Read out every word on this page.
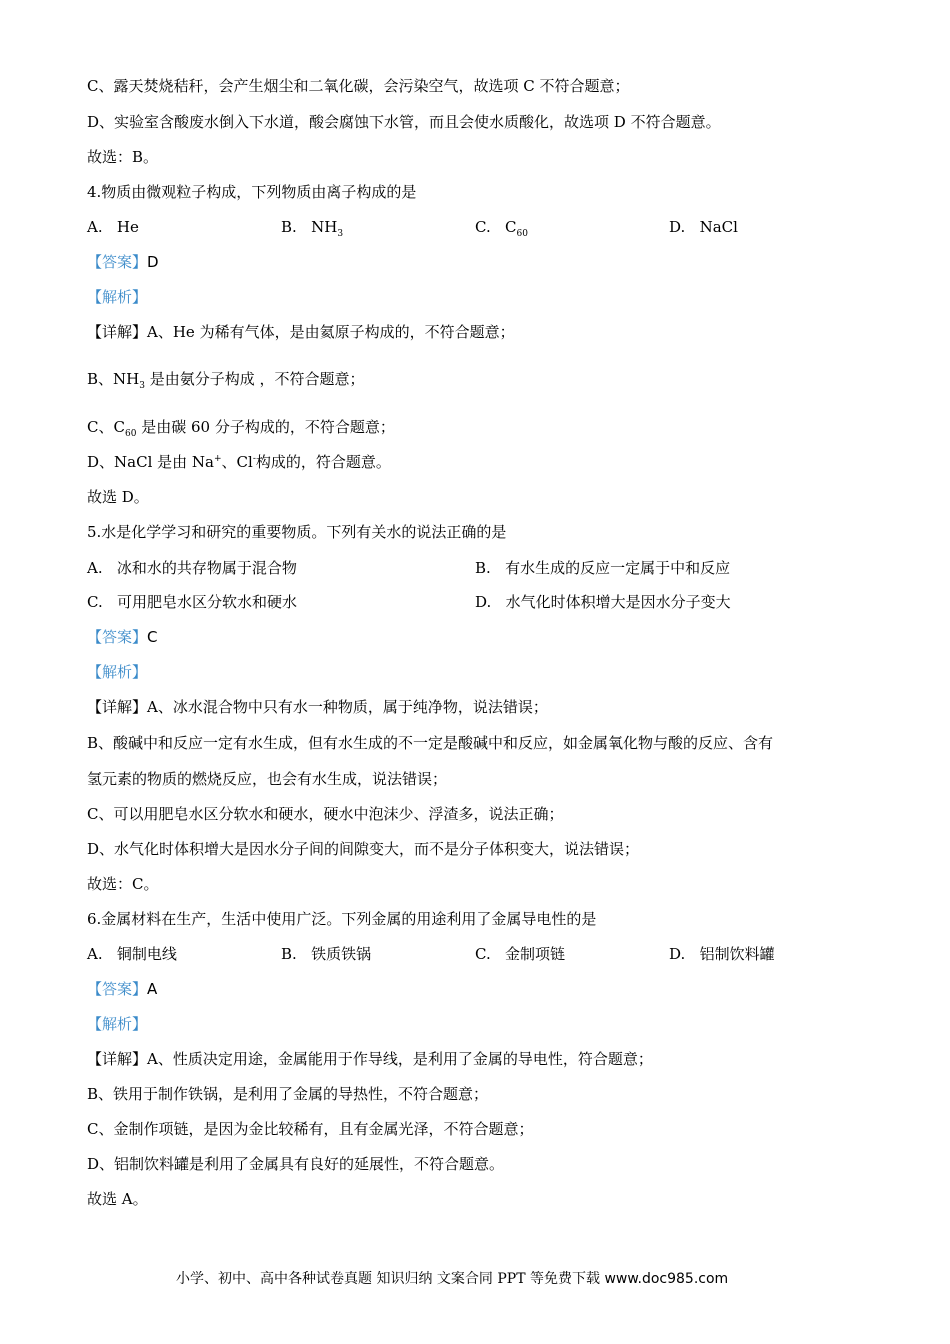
C、露天焚烧秸秆，会产生烟尘和二氧化碳，会污染空气，故选项 C 不符合题意；
D、实验室含酸废水倒入下水道，酸会腐蚀下水管，而且会使水质酸化，故选项 D 不符合题意。
故选：B。
4.物质由微观粒子构成，下列物质由离子构成的是
A. He	B. $NH_3$	C. $C_{60}$	D. NaCl
【答案】D
【解析】
【详解】A、He 为稀有气体，是由氦原子构成的，不符合题意；
B、$NH_3$ 是由氨分子构成 ，不符合题意；
C、$C_{60}$ 是由碳 60 分子构成的，不符合题意；
D、NaCl 是由 Na+、Cl-构成的，符合题意。
故选 D。
5.水是化学学习和研究的重要物质。下列有关水的说法正确的是
A. 冰和水的共存物属于混合物	B. 有水生成的反应一定属于中和反应
C. 可用肥皂水区分软水和硬水	D. 水气化时体积增大是因水分子变大
【答案】C
【解析】
【详解】A、冰水混合物中只有水一种物质，属于纯净物，说法错误；
B、酸碱中和反应一定有水生成，但有水生成的不一定是酸碱中和反应，如金属氧化物与酸的反应、含有
氢元素的物质的燃烧反应，也会有水生成，说法错误；
C、可以用肥皂水区分软水和硬水，硬水中泡沫少、浮渣多，说法正确；
D、水气化时体积增大是因水分子间的间隙变大，而不是分子体积变大，说法错误；
故选：C。
6.金属材料在生产，生活中使用广泛。下列金属的用途利用了金属导电性的是
A. 铜制电线	B. 铁质铁锅	C. 金制项链	D. 铝制饮料罐
【答案】A
【解析】
【详解】A、性质决定用途，金属能用于作导线，是利用了金属的导电性，符合题意；
B、铁用于制作铁锅，是利用了金属的导热性，不符合题意；
C、金制作项链，是因为金比较稀有，且有金属光泽，不符合题意；
D、铝制饮料罐是利用了金属具有良好的延展性，不符合题意。
故选 A。
小学、初中、高中各种试卷真题 知识归纳 文案合同 PPT 等免费下载 www.doc985.com
